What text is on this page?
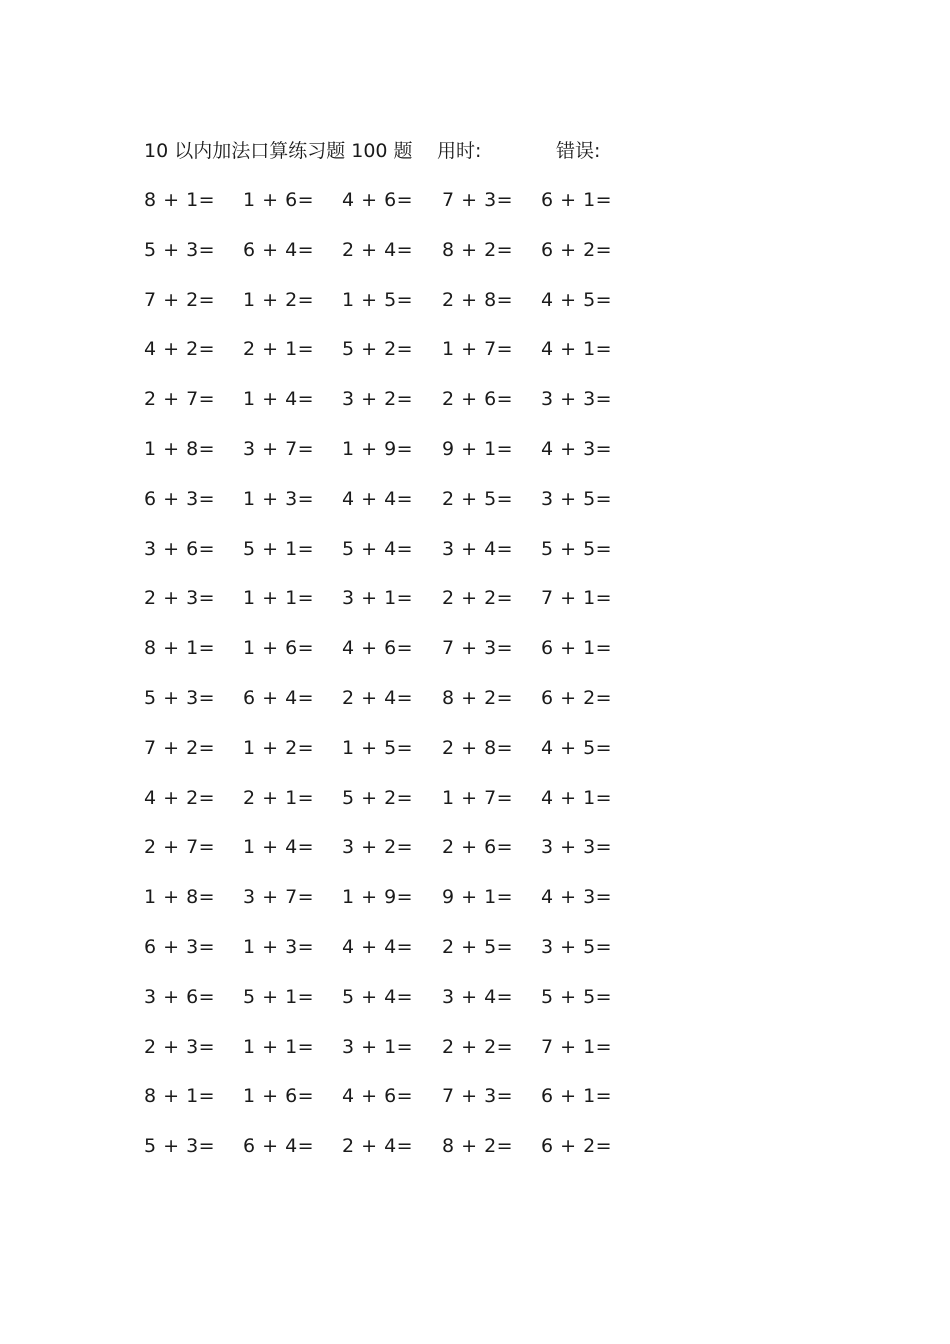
10 以内加法口算练习题 100 题 用时:	错误:
8 + 1= 1 + 6= 4 + 6= 7 + 3= 6 + 1=
5 + 3= 6 + 4= 2 + 4= 8 + 2= 6 + 2=
7 + 2= 1 + 2= 1 + 5= 2 + 8= 4 + 5=
4 + 2= 2 + 1= 5 + 2= 1 + 7= 4 + 1=
2 + 7= 1 + 4= 3 + 2= 2 + 6= 3 + 3=
1 + 8= 3 + 7= 1 + 9= 9 + 1= 4 + 3=
6 + 3= 1 + 3= 4 + 4= 2 + 5= 3 + 5=
3 + 6= 5 + 1= 5 + 4= 3 + 4= 5 + 5=
2 + 3= 1 + 1= 3 + 1= 2 + 2= 7 + 1=
8 + 1= 1 + 6= 4 + 6= 7 + 3= 6 + 1=
5 + 3= 6 + 4= 2 + 4= 8 + 2= 6 + 2=
7 + 2= 1 + 2= 1 + 5= 2 + 8= 4 + 5=
4 + 2= 2 + 1= 5 + 2= 1 + 7= 4 + 1=
2 + 7= 1 + 4= 3 + 2= 2 + 6= 3 + 3=
1 + 8= 3 + 7= 1 + 9= 9 + 1= 4 + 3=
6 + 3= 1 + 3= 4 + 4= 2 + 5= 3 + 5=
3 + 6= 5 + 1= 5 + 4= 3 + 4= 5 + 5=
2 + 3= 1 + 1= 3 + 1= 2 + 2= 7 + 1=
8 + 1= 1 + 6= 4 + 6= 7 + 3= 6 + 1=
5 + 3= 6 + 4= 2 + 4= 8 + 2= 6 + 2=
